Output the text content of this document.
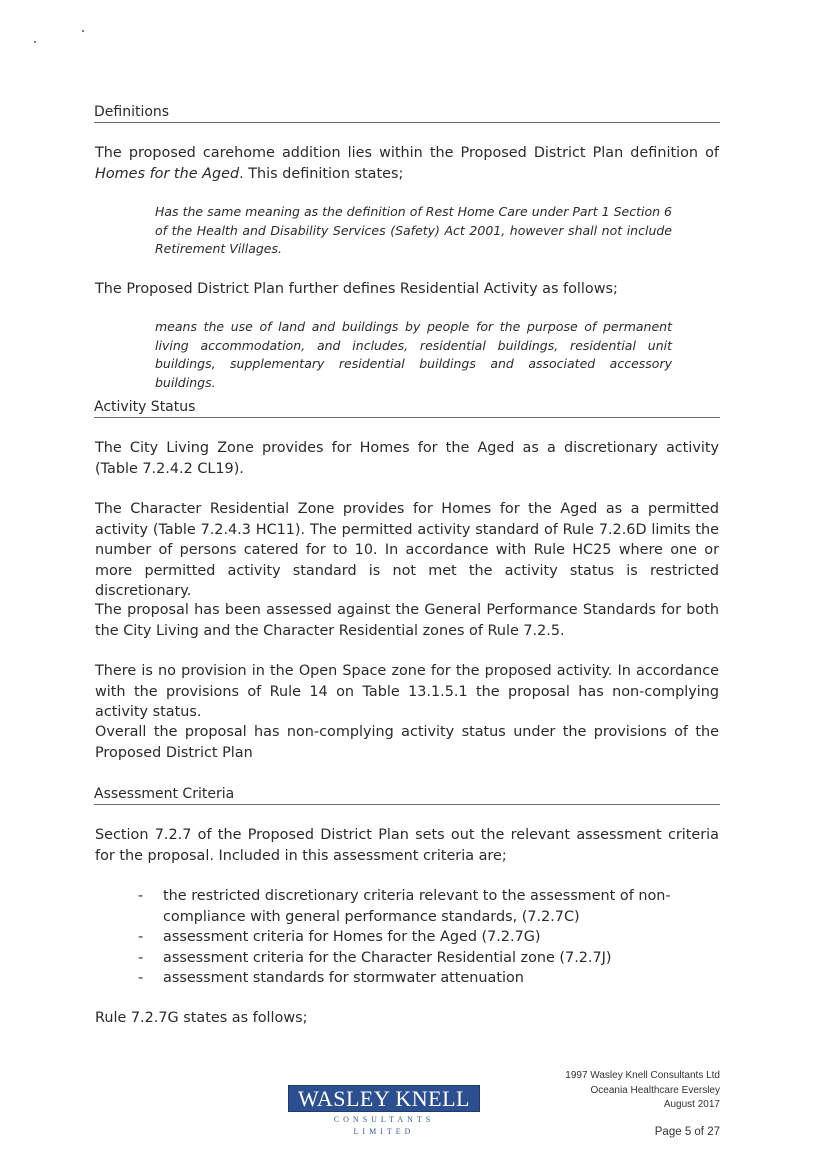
Definitions
The proposed carehome addition lies within the Proposed District Plan definition of Homes for the Aged. This definition states;
Has the same meaning as the definition of Rest Home Care under Part 1 Section 6 of the Health and Disability Services (Safety) Act 2001, however shall not include Retirement Villages.
The Proposed District Plan further defines Residential Activity as follows;
means the use of land and buildings by people for the purpose of permanent living accommodation, and includes, residential buildings, residential unit buildings, supplementary residential buildings and associated accessory buildings.
Activity Status
The City Living Zone provides for Homes for the Aged as a discretionary activity (Table 7.2.4.2 CL19).
The Character Residential Zone provides for Homes for the Aged as a permitted activity (Table 7.2.4.3 HC11). The permitted activity standard of Rule 7.2.6D limits the number of persons catered for to 10. In accordance with Rule HC25 where one or more permitted activity standard is not met the activity status is restricted discretionary.
The proposal has been assessed against the General Performance Standards for both the City Living and the Character Residential zones of Rule 7.2.5.
There is no provision in the Open Space zone for the proposed activity. In accordance with the provisions of Rule 14 on Table 13.1.5.1 the proposal has non-complying activity status.
Overall the proposal has non-complying activity status under the provisions of the Proposed District Plan
Assessment Criteria
Section 7.2.7 of the Proposed District Plan sets out the relevant assessment criteria for the proposal. Included in this assessment criteria are;
- the restricted discretionary criteria relevant to the assessment of non-compliance with general performance standards, (7.2.7C)
- assessment criteria for Homes for the Aged (7.2.7G)
- assessment criteria for the Character Residential zone (7.2.7J)
- assessment standards for stormwater attenuation
Rule 7.2.7G states as follows;
WASLEY KNELL
CONSULTANTS
LIMITED
1997 Wasley Knell Consultants Ltd
Oceania Healthcare Eversley
August 2017
Page 5 of 27
